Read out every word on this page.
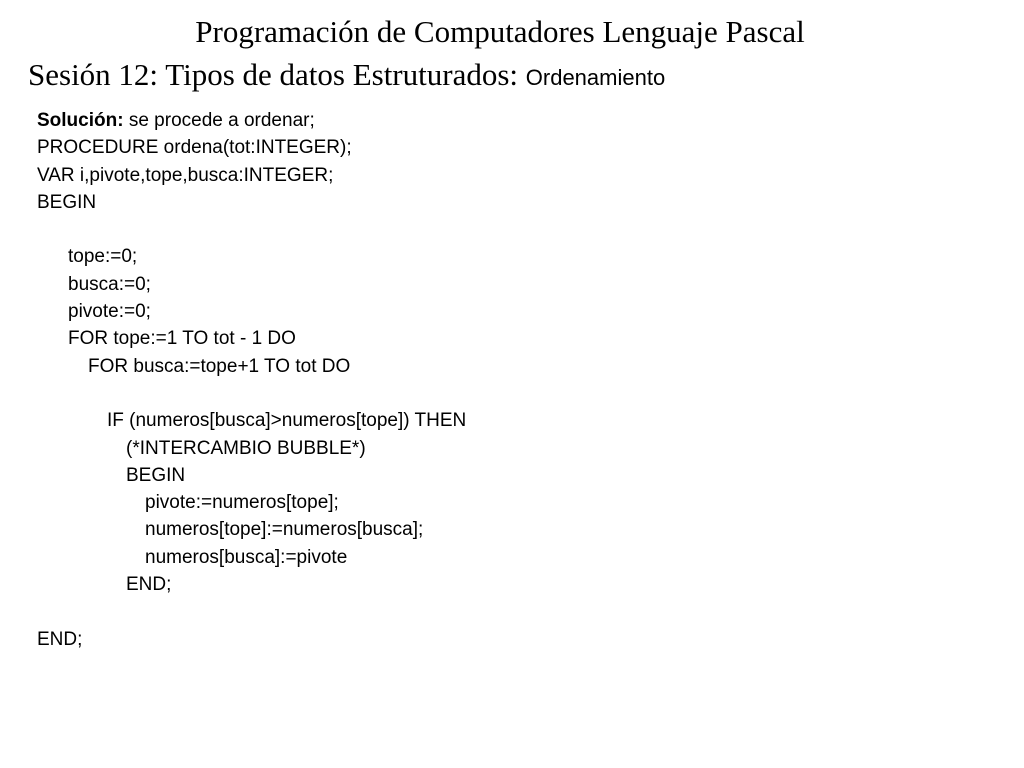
Programación de Computadores Lenguaje Pascal
Sesión 12: Tipos de datos Estruturados: Ordenamiento
Solución: se procede a ordenar;
PROCEDURE ordena(tot:INTEGER);
VAR i,pivote,tope,busca:INTEGER;
BEGIN
tope:=0;
busca:=0;
pivote:=0;
FOR tope:=1 TO tot - 1 DO
FOR busca:=tope+1 TO tot DO
IF (numeros[busca]>numeros[tope]) THEN
(*INTERCAMBIO BUBBLE*)
BEGIN
pivote:=numeros[tope];
numeros[tope]:=numeros[busca];
numeros[busca]:=pivote
END;
END;
